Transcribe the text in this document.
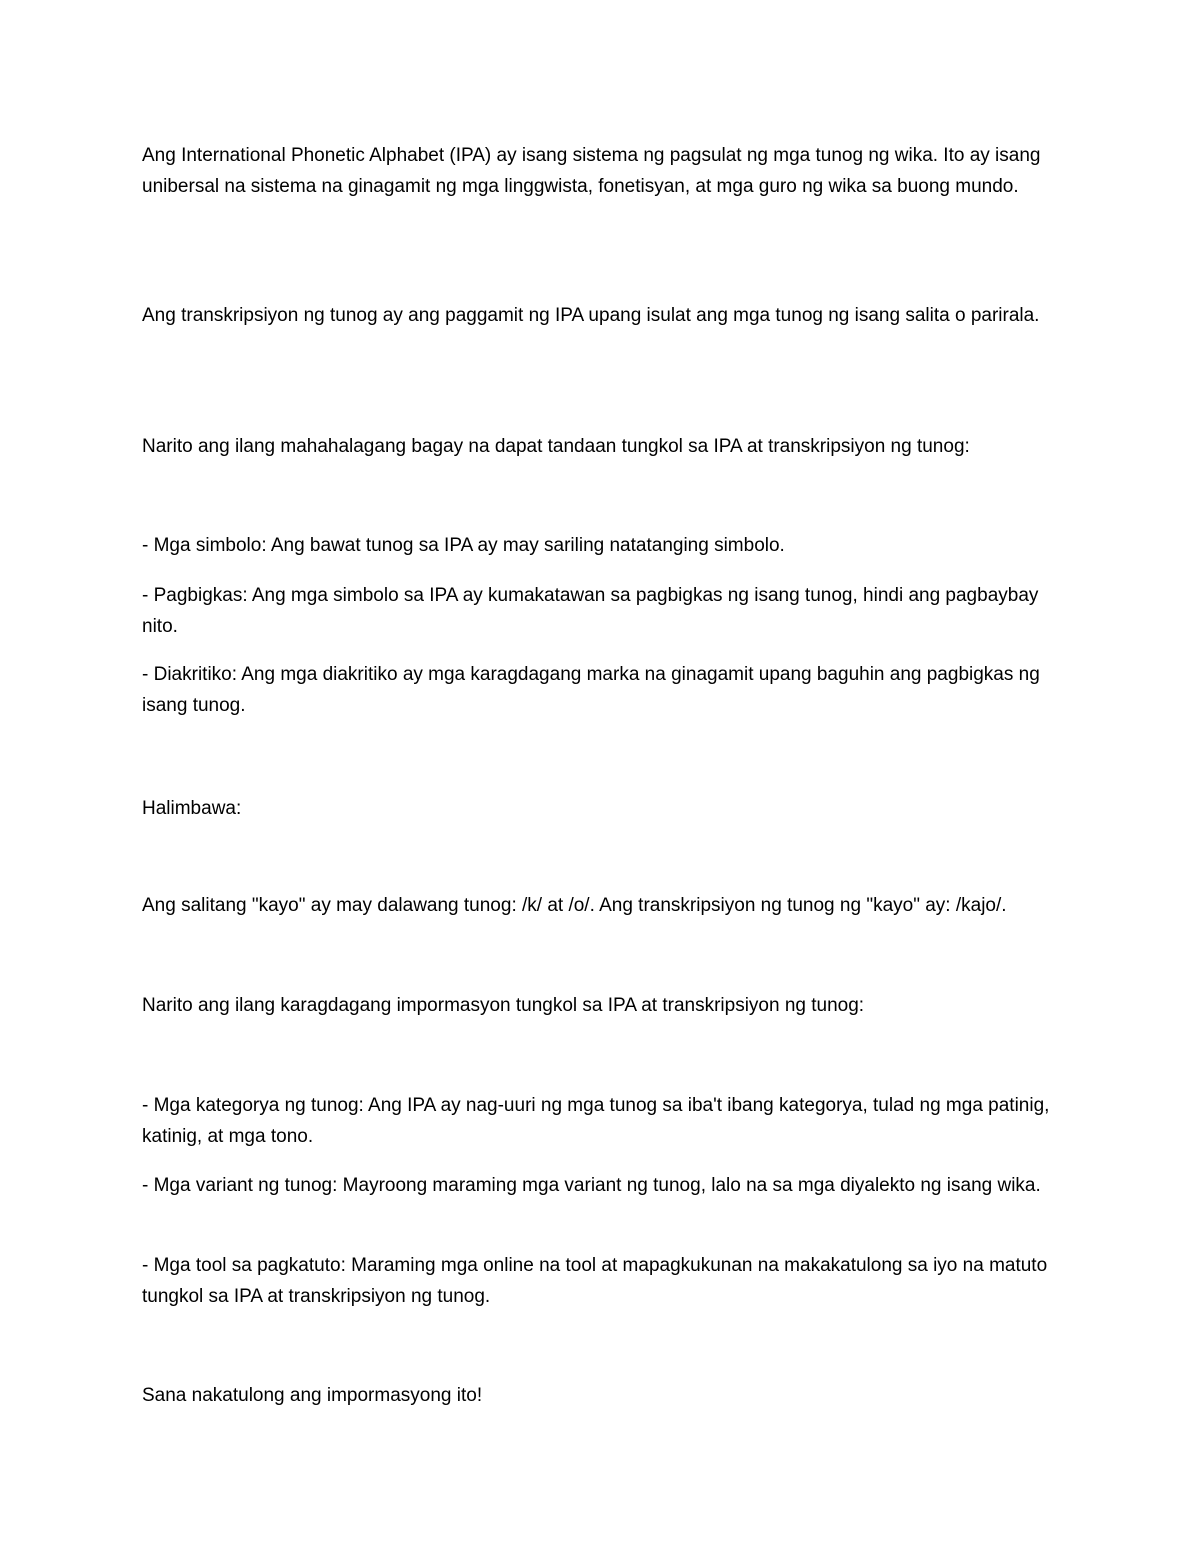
Ang International Phonetic Alphabet (IPA) ay isang sistema ng pagsulat ng mga tunog ng wika. Ito ay isang unibersal na sistema na ginagamit ng mga linggwista, fonetisyan, at mga guro ng wika sa buong mundo.

Ang transkripsiyon ng tunog ay ang paggamit ng IPA upang isulat ang mga tunog ng isang salita o parirala.

Narito ang ilang mahahalagang bagay na dapat tandaan tungkol sa IPA at transkripsiyon ng tunog:

- Mga simbolo: Ang bawat tunog sa IPA ay may sariling natatanging simbolo.

- Pagbigkas: Ang mga simbolo sa IPA ay kumakatawan sa pagbigkas ng isang tunog, hindi ang pagbaybay nito.

- Diakritiko: Ang mga diakritiko ay mga karagdagang marka na ginagamit upang baguhin ang pagbigkas ng isang tunog.

Halimbawa:

Ang salitang "kayo" ay may dalawang tunog: /k/ at /o/. Ang transkripsiyon ng tunog ng "kayo" ay: /kajo/.

Narito ang ilang karagdagang impormasyon tungkol sa IPA at transkripsiyon ng tunog:

- Mga kategorya ng tunog: Ang IPA ay nag-uuri ng mga tunog sa iba't ibang kategorya, tulad ng mga patinig, katinig, at mga tono.

- Mga variant ng tunog: Mayroong maraming mga variant ng tunog, lalo na sa mga diyalekto ng isang wika.

- Mga tool sa pagkatuto: Maraming mga online na tool at mapagkukunan na makakatulong sa iyo na matuto tungkol sa IPA at transkripsiyon ng tunog.

Sana nakatulong ang impormasyong ito!
